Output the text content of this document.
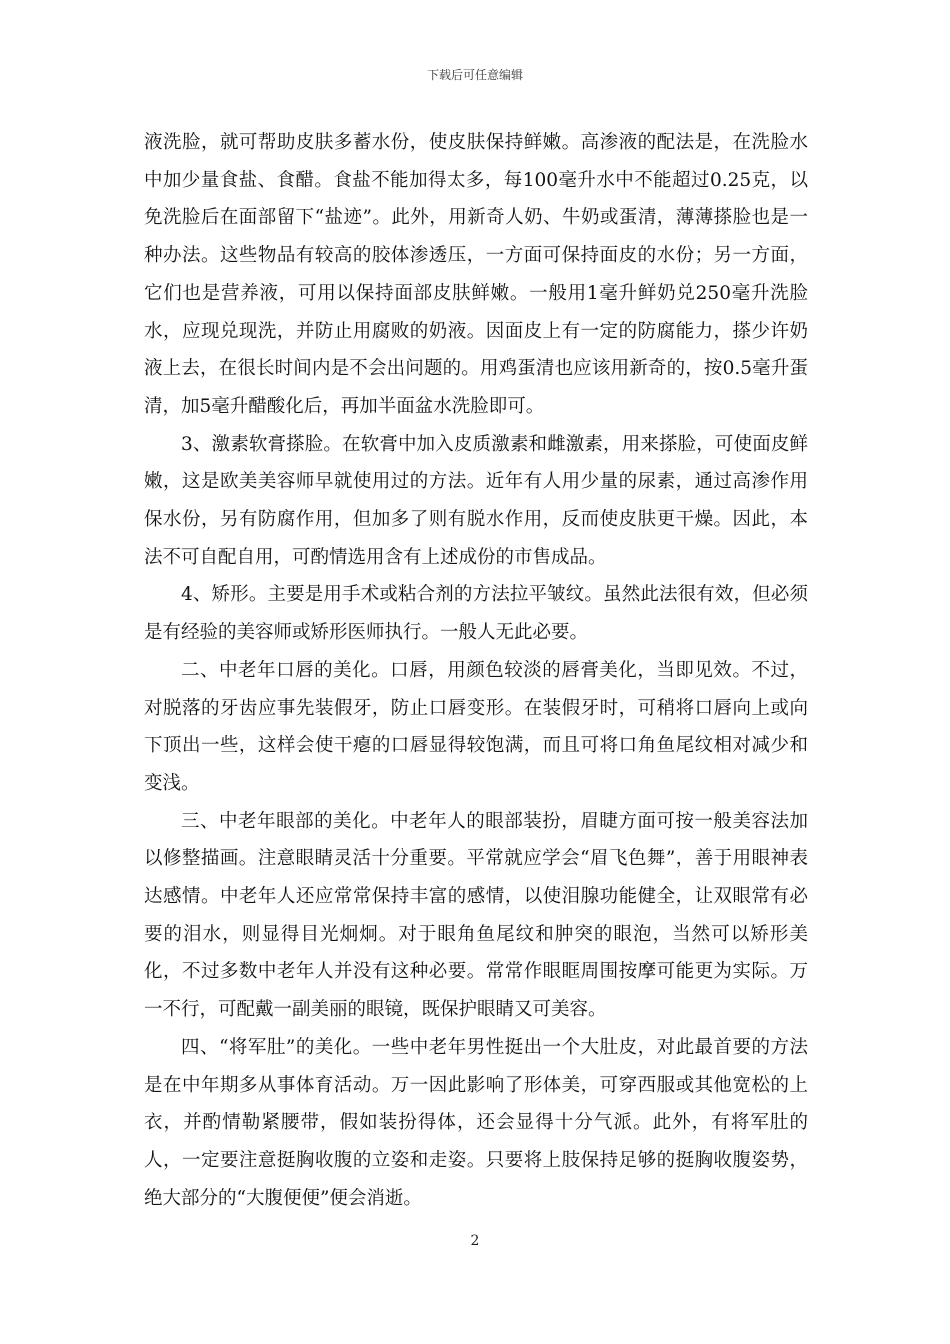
下载后可任意编辑

液洗脸，就可帮助皮肤多蓄水份，使皮肤保持鲜嫩。高渗液的配法是，在洗脸水中加少量食盐、食醋。食盐不能加得太多，每100毫升水中不能超过0.25克，以免洗脸后在面部留下“盐迹”。此外，用新奇人奶、牛奶或蛋清，薄薄搽脸也是一种办法。这些物品有较高的胶体渗透压，一方面可保持面皮的水份；另一方面，它们也是营养液，可用以保持面部皮肤鲜嫩。一般用1毫升鲜奶兑250毫升洗脸水，应现兑现洗，并防止用腐败的奶液。因面皮上有一定的防腐能力，搽少许奶液上去，在很长时间内是不会出问题的。用鸡蛋清也应该用新奇的，按0.5毫升蛋清，加5毫升醋酸化后，再加半面盆水洗脸即可。

3、激素软膏搽脸。在软膏中加入皮质激素和雌激素，用来搽脸，可使面皮鲜嫩，这是欧美美容师早就使用过的方法。近年有人用少量的尿素，通过高渗作用保水份，另有防腐作用，但加多了则有脱水作用，反而使皮肤更干燥。因此，本法不可自配自用，可酌情选用含有上述成份的市售成品。

4、矫形。主要是用手术或粘合剂的方法拉平皱纹。虽然此法很有效，但必须是有经验的美容师或矫形医师执行。一般人无此必要。

二、中老年口唇的美化。口唇，用颜色较淡的唇膏美化，当即见效。不过，对脱落的牙齿应事先装假牙，防止口唇变形。在装假牙时，可稍将口唇向上或向下顶出一些，这样会使干瘪的口唇显得较饱满，而且可将口角鱼尾纹相对减少和变浅。

三、中老年眼部的美化。中老年人的眼部装扮，眉睫方面可按一般美容法加以修整描画。注意眼睛灵活十分重要。平常就应学会“眉飞色舞”，善于用眼神表达感情。中老年人还应常常保持丰富的感情，以使泪腺功能健全，让双眼常有必要的泪水，则显得目光炯炯。对于眼角鱼尾纹和肿突的眼泡，当然可以矫形美化，不过多数中老年人并没有这种必要。常常作眼眶周围按摩可能更为实际。万一不行，可配戴一副美丽的眼镜，既保护眼睛又可美容。

四、“将军肚”的美化。一些中老年男性挺出一个大肚皮，对此最首要的方法是在中年期多从事体育活动。万一因此影响了形体美，可穿西服或其他宽松的上衣，并酌情勒紧腰带，假如装扮得体，还会显得十分气派。此外，有将军肚的人，一定要注意挺胸收腹的立姿和走姿。只要将上肢保持足够的挺胸收腹姿势，绝大部分的“大腹便便”便会消逝。

2
